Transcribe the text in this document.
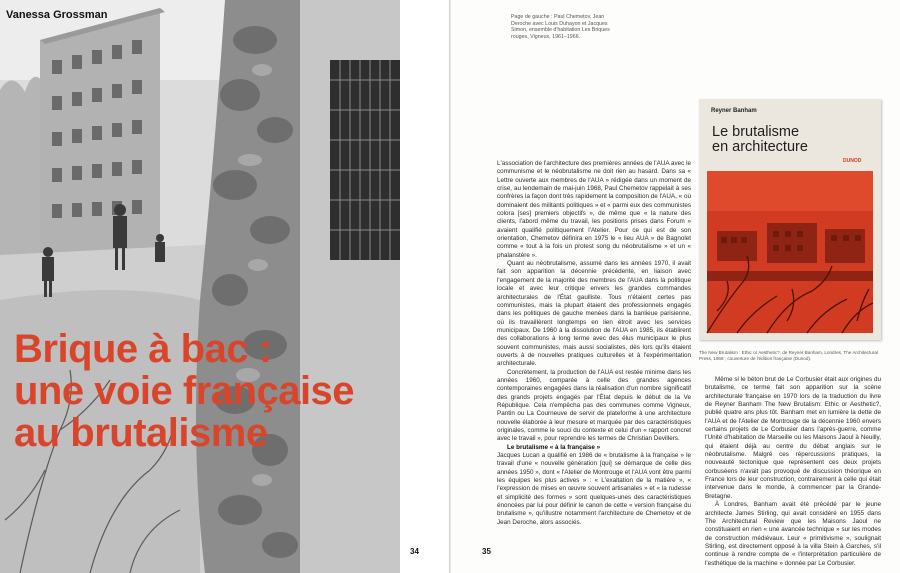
Vanessa Grossman
Brique à bac :
une voie française
au brutalisme
34

Page de gauche : Paul Chemetov, Jean Deroche avec Louis Duhayon et Jacques Simon, ensemble d'habitation Les Briques rouges, Vigneux, 1961–1966.

Reyner Banham
Le brutalisme
en architecture
DUNOD

The New Brutalism : Ethic or Aesthetic?, de Reyner Banham, Londres, The Architectural Press, 1966 ; couverture de l'édition française (Dunod).

L'association de l'architecture des premières années de l'AUA avec le communisme et le néobrutalisme ne doit rien au hasard. Dans sa « Lettre ouverte aux membres de l'AUA » rédigée dans un moment de crise, au lendemain de mai-juin 1968, Paul Chemetov rappelait à ses confrères la façon dont très rapidement la composition de l'AUA, « où dominaient des militants politiques » et « parmi eux des communistes colora [ses] premiers objectifs », de même que « la nature des clients, l'abord même du travail, les positions prises dans Forum » avaient qualifié politiquement l'Atelier. Pour ce qui est de son orientation, Chemetov définira en 1975 le « lieu AUA » de Bagnolet comme « tout à la fois un protest song du néobrutalisme » et un « phalanstère ».

Quant au néobrutalisme, assumé dans les années 1970, il avait fait son apparition la décennie précédente, en liaison avec l'engagement de la majorité des membres de l'AUA dans la politique locale et avec leur critique envers les grandes commandes architecturales de l'État gaulliste. Tous n'étaient certes pas communistes, mais la plupart étaient des professionnels engagés dans les politiques de gauche menées dans la banlieue parisienne, où ils travaillèrent longtemps en lien étroit avec les services municipaux. De 1960 à la dissolution de l'AUA en 1985, ils établirent des collaborations à long terme avec des élus municipaux le plus souvent communistes, mais aussi socialistes, dès lors qu'ils étaient ouverts à de nouvelles pratiques culturelles et à l'expérimentation architecturale.

Concrètement, la production de l'AUA est restée minime dans les années 1960, comparée à celle des grandes agences contemporaines engagées dans la réalisation d'un nombre significatif des grands projets engagés par l'État depuis le début de la Ve République. Cela n'empêcha pas des communes comme Vigneux, Pantin ou La Courneuve de servir de plateforme à une architecture nouvelle élaborée à leur mesure et marquée par des caractéristiques originales, comme le souci du contexte et celui d'un « rapport concret avec le travail », pour reprendre les termes de Christian Devillers.

Le brutalisme « à la française »

Jacques Lucan a qualifié en 1986 de « brutalisme à la française » le travail d'une « nouvelle génération [qui] se démarque de celle des années 1950 », dont « l'Atelier de Montrouge et l'AUA vont être parmi les équipes les plus actives » : « L'exaltation de la matière », « l'expression de mises en œuvre souvent artisanales » et « la rudesse et simplicité des formes » sont quelques-unes des caractéristiques énoncées par lui pour définir le canon de cette « version française du brutalisme », qu'illustre notamment l'architecture de Chemetov et de Jean Deroche, alors associés.

Même si le béton brut de Le Corbusier était aux origines du brutalisme, ce terme fait son apparition sur la scène architecturale française en 1970 lors de la traduction du livre de Reyner Banham The New Brutalism: Ethic or Aesthetic?, publié quatre ans plus tôt. Banham met en lumière la dette de l'AUA et de l'Atelier de Montrouge de la décennie 1960 envers certains projets de Le Corbusier dans l'après-guerre, comme l'Unité d'habitation de Marseille ou les Maisons Jaoul à Neuilly, qui étaient déjà au centre du débat anglais sur le néobrutalisme. Malgré ces répercussions pratiques, la nouveauté tectonique que représentent ces deux projets corbuséens n'avait pas provoqué de discussion théorique en France lors de leur construction, contrairement à celle qui était intervenue dans le monde, à commencer par la Grande-Bretagne.

À Londres, Banham avait été précédé par le jeune architecte James Stirling, qui avait considéré en 1955 dans The Architectural Review que les Maisons Jaoul ne constituaient en rien « une avancée technique » sur les modes de construction médiévaux. Leur « primitivisme », soulignait Stirling, est directement opposé à la villa Stein à Garches, s'il continue à rendre compte de « l'interprétation particulière de l'esthétique de la machine » donnée par Le Corbusier.

35
